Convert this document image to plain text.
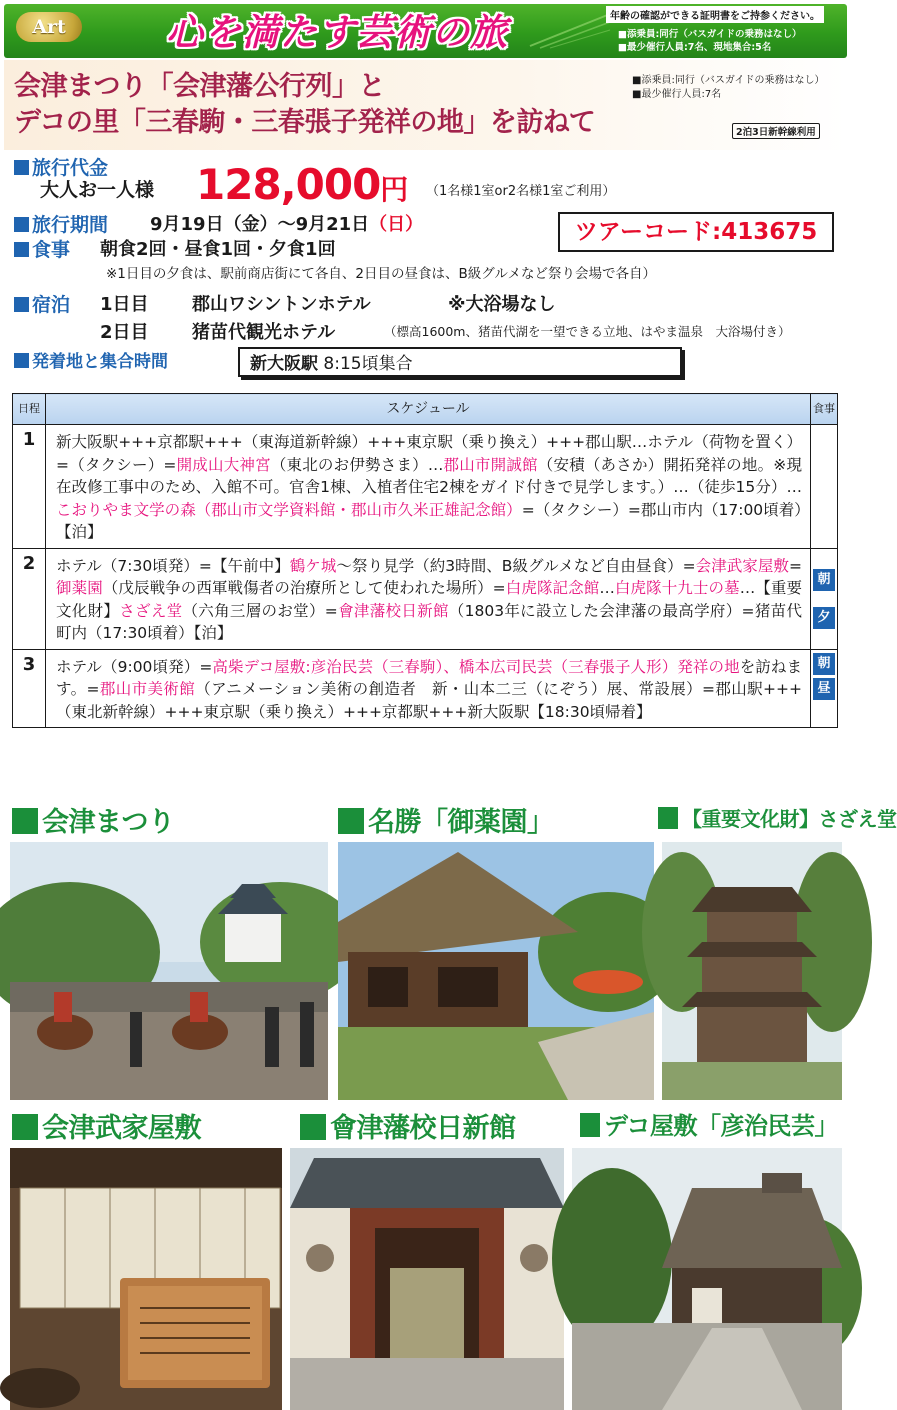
Art	心を満たす芸術の旅	年齢の確認ができる証明書をご持参ください。
■添乗員:同行（バスガイドの乗務はなし）
■最少催行人員:7名、現地集合:5名
会津まつり「会津藩公行列」と
デコの里「三春駒・三春張子発祥の地」を訪ねて
■添乗員:同行（バスガイドの乗務はなし）
■最少催行人員:7名
2泊3日新幹線利用
旅行代金
大人お一人様 128,000円 （1名様1室or2名様1室ご利用）
旅行期間 9月19日（金）〜9月21日（日）	ツアーコード:413675
食事 朝食2回・昼食1回・夕食1回
※1日目の夕食は、駅前商店街にて各自、2日目の昼食は、B級グルメなど祭り会場で各自）
宿泊 1日目 郡山ワシントンホテル	※大浴場なし
2日目 猪苗代観光ホテル	（標高1600m、猪苗代湖を一望できる立地、はやま温泉　大浴場付き）
発着地と集合時間	新大阪駅 8:15頃集合
日程	スケジュール	食事
1	新大阪駅+++京都駅+++（東海道新幹線）+++東京駅（乗り換え）+++郡山駅…ホテル（荷物を置く）=（タクシー）=開成山大神宮（東北のお伊勢さま）…郡山市開誠館（安積（あさか）開拓発祥の地。※現在改修工事中のため、入館不可。官舎1棟、入植者住宅2棟をガイド付きで見学します。）…（徒歩15分）…こおりやま文学の森（郡山市文学資料館・郡山市久米正雄記念館）=（タクシー）=郡山市内（17:00頃着）【泊】	
2	ホテル（7:30頃発）=【午前中】鶴ケ城〜祭り見学（約3時間、B級グルメなど自由昼食）=会津武家屋敷=御薬園（戊辰戦争の西軍戦傷者の治療所として使われた場所）=白虎隊記念館…白虎隊十九士の墓…【重要文化財】さざえ堂（六角三層のお堂）=會津藩校日新館（1803年に設立した会津藩の最高学府）=猪苗代町内（17:30頃着）【泊】	朝
夕

3	ホテル（9:00頃発）=高柴デコ屋敷:彦治民芸（三春駒）、橋本広司民芸（三春張子人形）発祥の地を訪ねます。=郡山市美術館（アニメーション美術の創造者　新・山本二三（にぞう）展、常設展）=郡山駅+++（東北新幹線）+++東京駅（乗り換え）+++京都駅+++新大阪駅【18:30頃帰着】	朝
昼
会津まつり	名勝「御薬園」	【重要文化財】さざえ堂
会津武家屋敷	會津藩校日新館	デコ屋敷「彦治民芸」
